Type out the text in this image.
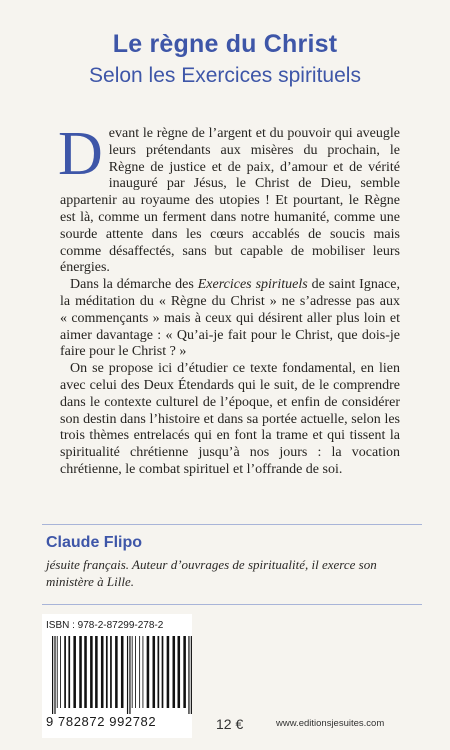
Le règne du Christ
Selon les Exercices spirituels

Devant le règne de l’argent et du pouvoir qui aveugle leurs prétendants aux misères du prochain, le Règne de justice et de paix, d’amour et de vérité inauguré par Jésus, le Christ de Dieu, semble appartenir au royaume des utopies ! Et pourtant, le Règne est là, comme un ferment dans notre humanité, comme une sourde attente dans les cœurs accablés de soucis mais comme désaffectés, sans but capable de mobiliser leurs énergies.

Dans la démarche des Exercices spirituels de saint Ignace, la méditation du « Règne du Christ » ne s’adresse pas aux « commençants » mais à ceux qui désirent aller plus loin et aimer davantage : « Qu’ai-je fait pour le Christ, que dois-je faire pour le Christ ? »

On se propose ici d’étudier ce texte fondamental, en lien avec celui des Deux Étendards qui le suit, de le comprendre dans le contexte culturel de l’époque, et enfin de considérer son destin dans l’histoire et dans sa portée actuelle, selon les trois thèmes entrelacés qui en font la trame et qui tissent la spiritualité chrétienne jusqu’à nos jours : la vocation chrétienne, le combat spirituel et l’offrande de soi.

Claude Flipo
jésuite français. Auteur d’ouvrages de spiritualité, il exerce son ministère à Lille.
ISBN : 978-2-87299-278-2
9 782872 992782	12 €	www.editionsjesuites.com
